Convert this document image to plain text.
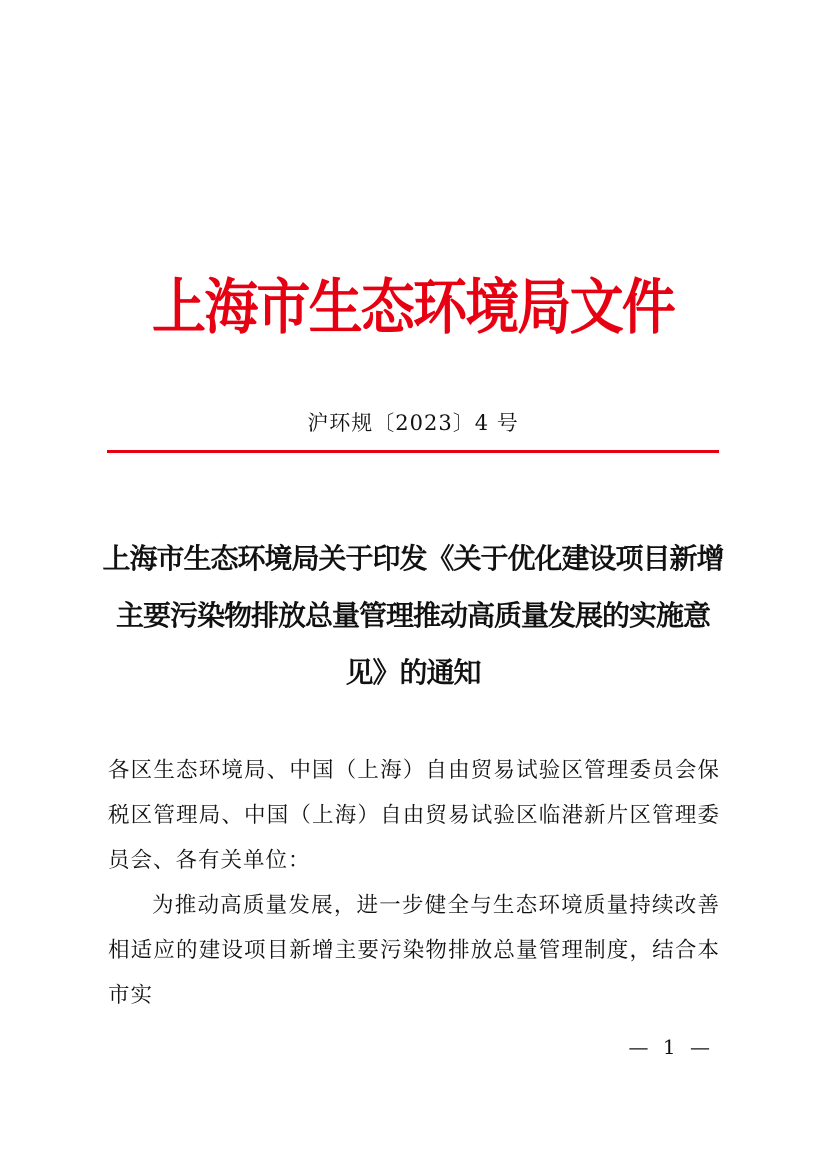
上海市生态环境局文件
沪环规〔2023〕4 号
上海市生态环境局关于印发《关于优化建设项目新增主要污染物排放总量管理推动高质量发展的实施意见》的通知

各区生态环境局、中国（上海）自由贸易试验区管理委员会保税区管理局、中国（上海）自由贸易试验区临港新片区管理委员会、各有关单位：

为推动高质量发展，进一步健全与生态环境质量持续改善相适应的建设项目新增主要污染物排放总量管理制度，结合本市实

— 1 —
